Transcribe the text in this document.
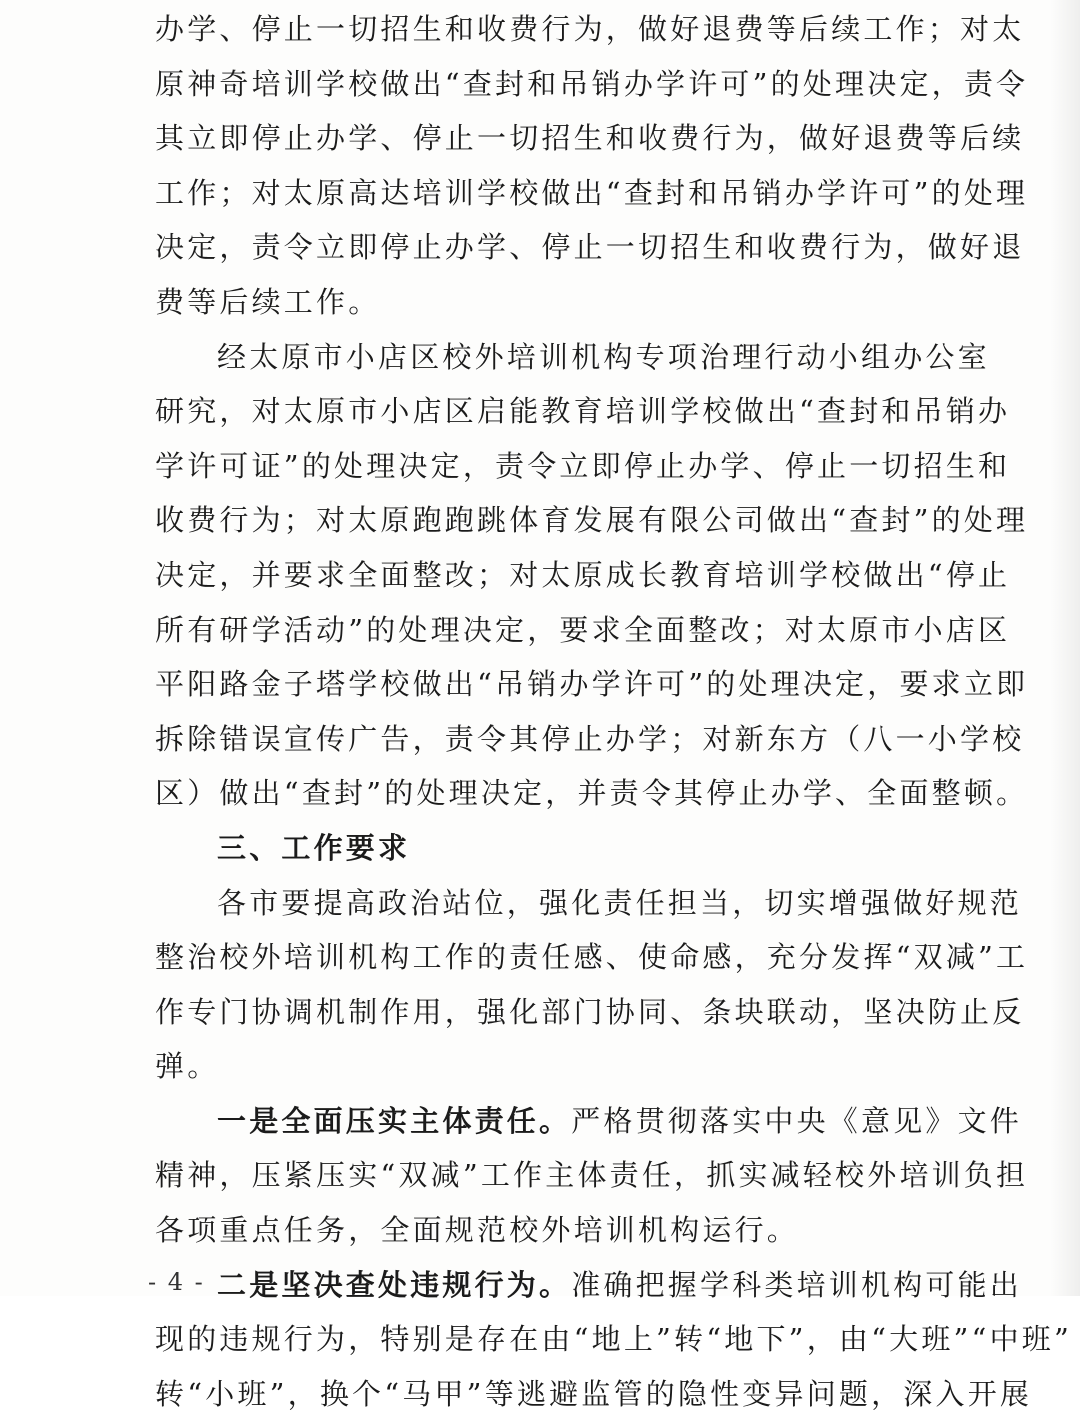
办学、停止一切招生和收费行为，做好退费等后续工作；对太
原神奇培训学校做出“查封和吊销办学许可”的处理决定，责令
其立即停止办学、停止一切招生和收费行为，做好退费等后续
工作；对太原高达培训学校做出“查封和吊销办学许可”的处理
决定，责令立即停止办学、停止一切招生和收费行为，做好退
费等后续工作。
经太原市小店区校外培训机构专项治理行动小组办公室
研究，对太原市小店区启能教育培训学校做出“查封和吊销办
学许可证”的处理决定，责令立即停止办学、停止一切招生和
收费行为；对太原跑跑跳体育发展有限公司做出“查封”的处理
决定，并要求全面整改；对太原成长教育培训学校做出“停止
所有研学活动”的处理决定，要求全面整改；对太原市小店区
平阳路金子塔学校做出“吊销办学许可”的处理决定，要求立即
拆除错误宣传广告，责令其停止办学；对新东方（八一小学校
区）做出“查封”的处理决定，并责令其停止办学、全面整顿。
三、工作要求
各市要提高政治站位，强化责任担当，切实增强做好规范
整治校外培训机构工作的责任感、使命感，充分发挥“双减”工
作专门协调机制作用，强化部门协同、条块联动，坚决防止反
弹。
一是全面压实主体责任。严格贯彻落实中央《意见》文件
精神，压紧压实“双减”工作主体责任，抓实减轻校外培训负担
各项重点任务，全面规范校外培训机构运行。
二是坚决查处违规行为。准确把握学科类培训机构可能出
现的违规行为，特别是存在由“地上”转“地下”，由“大班”“中班”
转“小班”，换个“马甲”等逃避监管的隐性变异问题，深入开展
- 4 -
